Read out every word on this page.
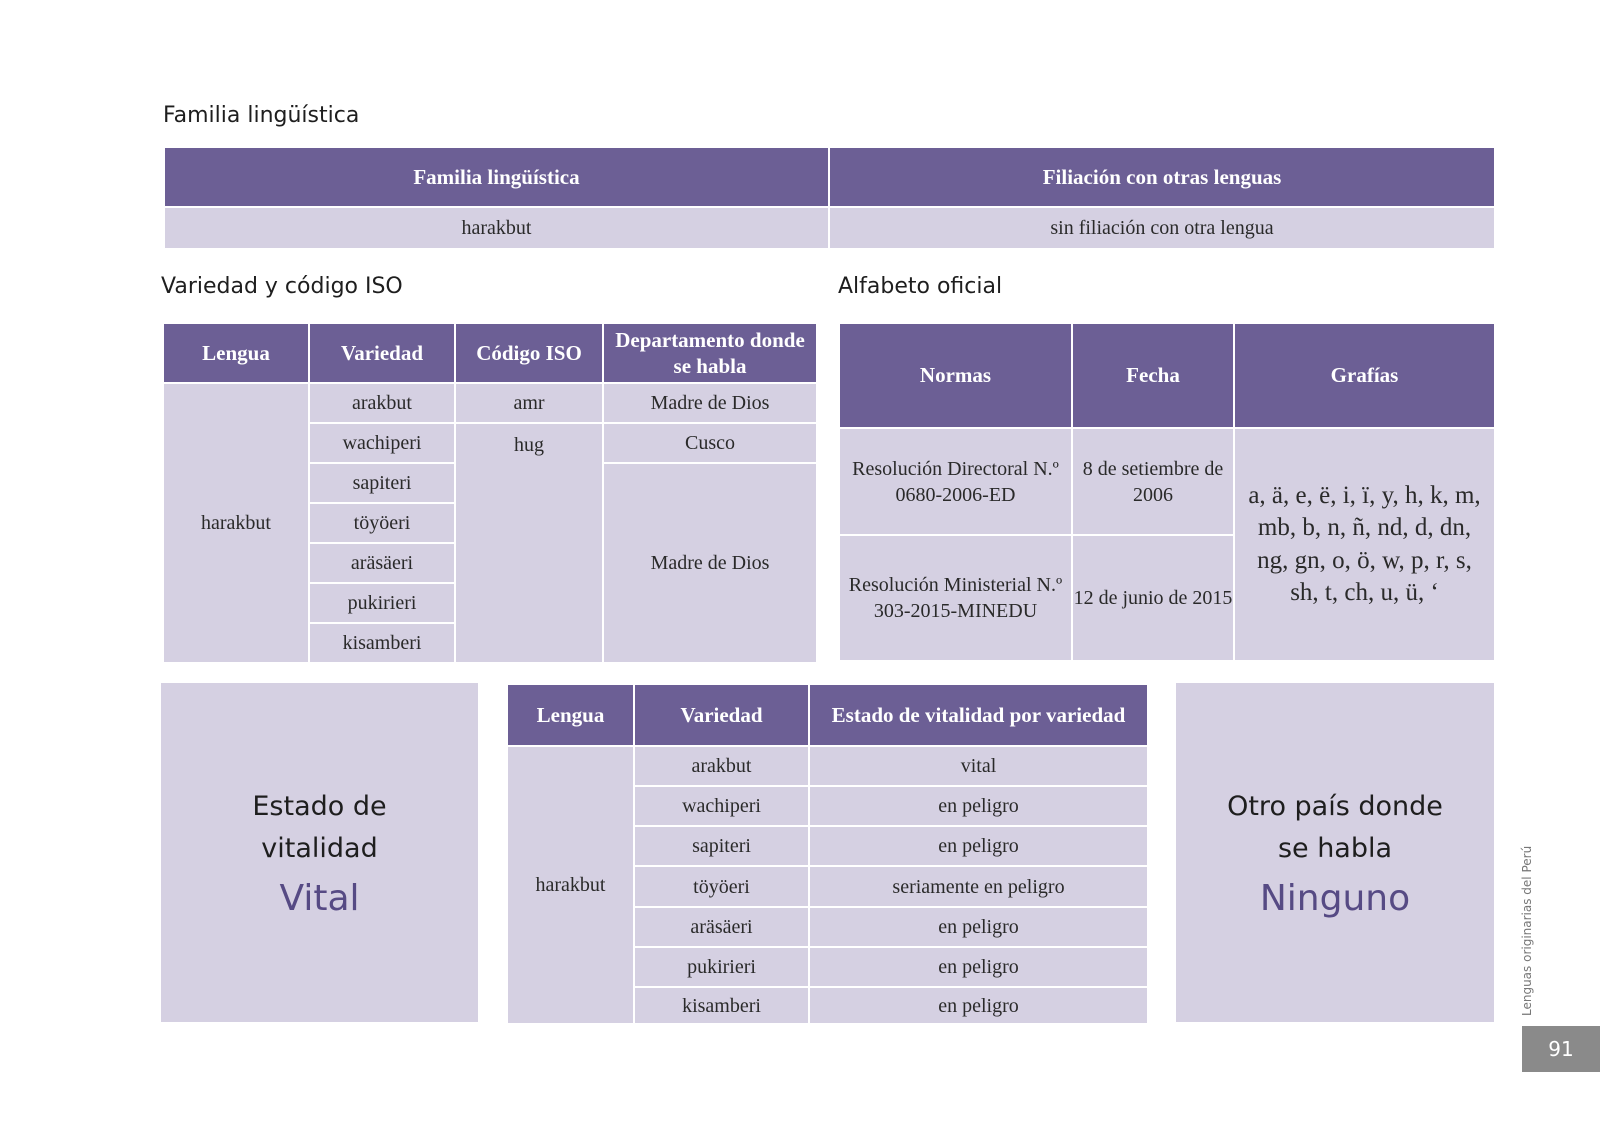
Familia lingüística
Familia lingüística	Filiación con otras lenguas
harakbut	sin filiación con otra lengua
Variedad y código ISO
Lengua	Variedad	Código ISO	Departamento donde se habla
harakbut	arakbut	amr	Madre de Dios
	wachiperi	hug	Cusco
	sapiteri		Madre de Dios
	töyöeri		
	aräsäeri		
	pukirieri		
	kisamberi		
Alfabeto oficial
Normas	Fecha	Grafías
Resolución Directoral N.º 0680-2006-ED	8 de setiembre de 2006	a, ä, e, ë, i, ï, y, h, k, m, mb, b, n, ñ, nd, d, dn, ng, gn, o, ö, w, p, r, s, sh, t, ch, u, ü, ʻ
Resolución Ministerial N.º 303-2015-MINEDU	12 de junio de 2015	
Estado de vitalidad
Vital
Lengua	Variedad	Estado de vitalidad por variedad
harakbut	arakbut	vital
	wachiperi	en peligro
	sapiteri	en peligro
	töyöeri	seriamente en peligro
	aräsäeri	en peligro
	pukirieri	en peligro
	kisamberi	en peligro
Otro país donde se habla
Ninguno	Lenguas originarias del Perú
91
